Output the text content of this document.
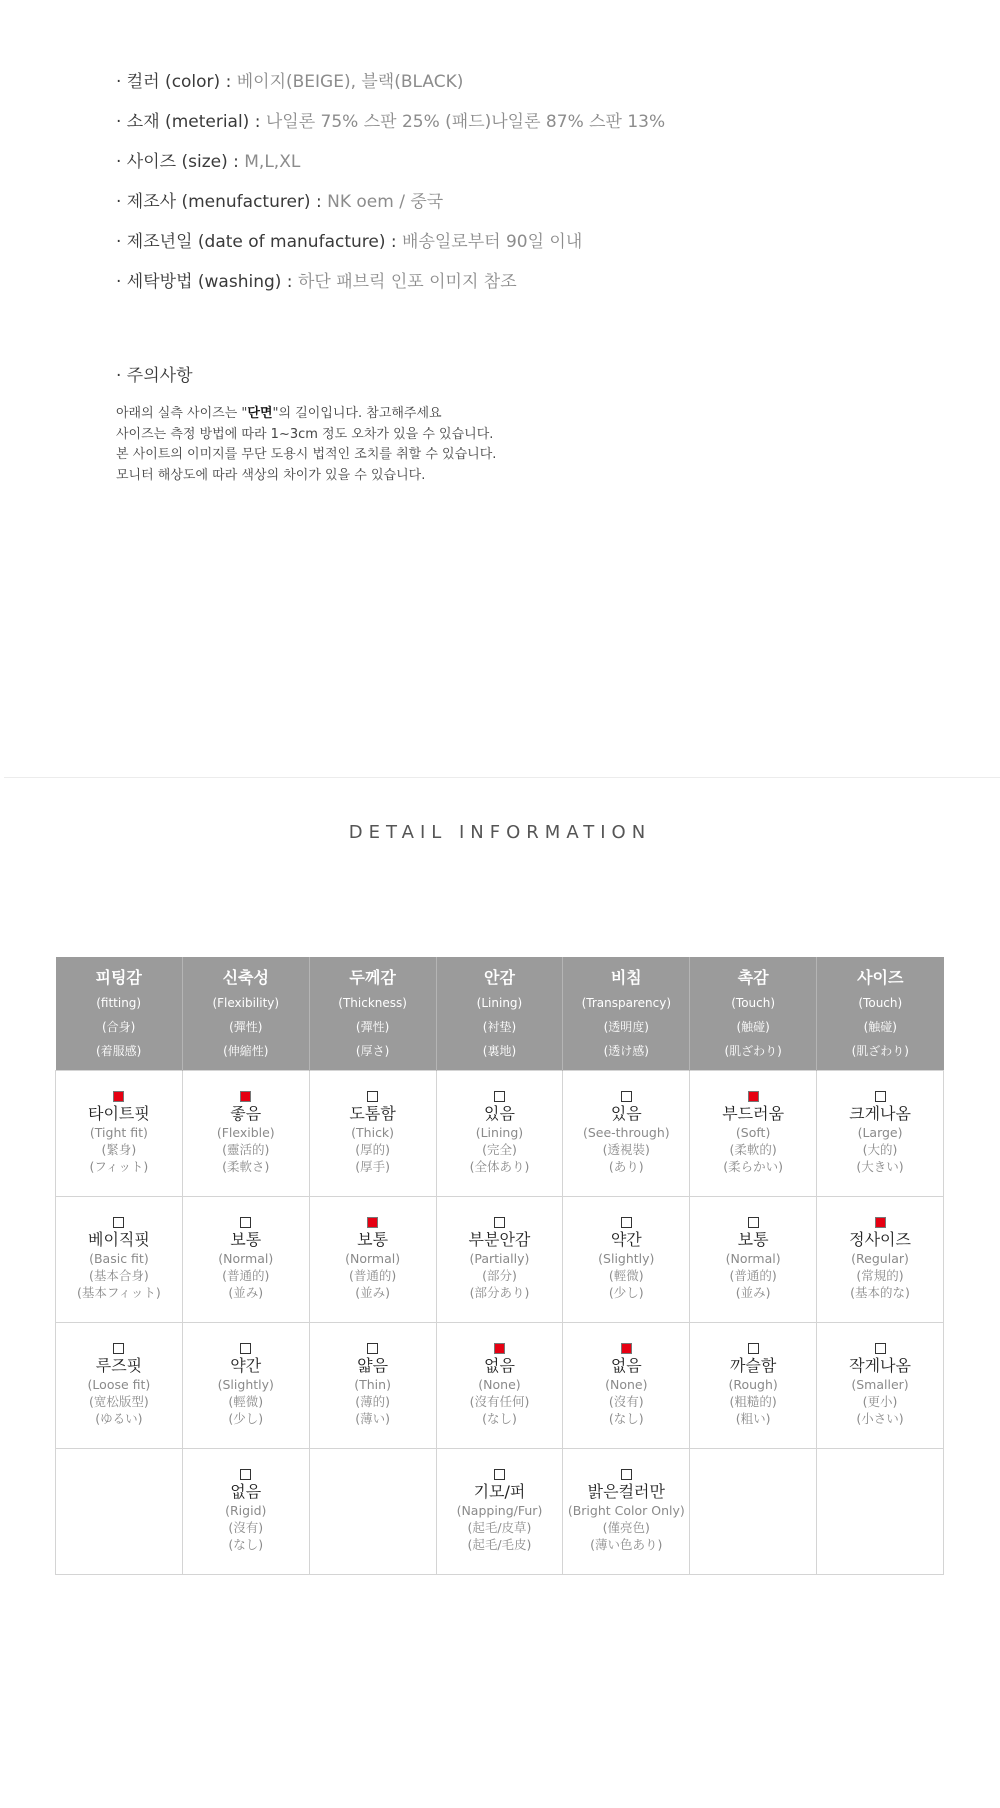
· 컬러 (color) : 베이지(BEIGE), 블랙(BLACK)
· 소재 (meterial) : 나일론 75% 스판 25% (패드)나일론 87% 스판 13%
· 사이즈 (size) : M,L,XL
· 제조사 (menufacturer) : NK oem / 중국
· 제조년일 (date of manufacture) : 배송일로부터 90일 이내
· 세탁방법 (washing) : 하단 패브릭 인포 이미지 참조
· 주의사항
아래의 실측 사이즈는 "단면"의 길이입니다. 참고해주세요
사이즈는 측정 방법에 따라 1~3cm 정도 오차가 있을 수 있습니다.
본 사이트의 이미지를 무단 도용시 법적인 조치를 취할 수 있습니다.
모니터 해상도에 따라 색상의 차이가 있을 수 있습니다.
DETAIL INFORMATION
피팅감
(fitting)
(合身)
(着服感)	신축성
(Flexibility)
(彈性)
(伸縮性)	두께감
(Thickness)
(彈性)
(厚さ)	안감
(Lining)
(衬垫)
(裏地)	비침
(Transparency)
(透明度)
(透け感)	촉감
(Touch)
(触碰)
(肌ざわり)	사이즈
(Touch)
(触碰)
(肌ざわり)

타이트핏
(Tight fit)
(緊身)
(フィット)	좋음
(Flexible)
(靈活的)
(柔軟さ)	도톰함
(Thick)
(厚的)
(厚手)	있음
(Lining)
(完全)
(全体あり)	있음
(See-through)
(透視裝)
(あり)	부드러움
(Soft)
(柔軟的)
(柔らかい)	크게나옴
(Large)
(大的)
(大きい)

베이직핏
(Basic fit)
(基本合身)
(基本フィット)	보통
(Normal)
(普通的)
(並み)	보통
(Normal)
(普通的)
(並み)	부분안감
(Partially)
(部分)
(部分あり)	약간
(Slightly)
(輕微)
(少し)	보통
(Normal)
(普通的)
(並み)	정사이즈
(Regular)
(常規的)
(基本的な)

루즈핏
(Loose fit)
(宽松版型)
(ゆるい)	약간
(Slightly)
(輕微)
(少し)	얇음
(Thin)
(薄的)
(薄い)	없음
(None)
(沒有任何)
(なし)	없음
(None)
(沒有)
(なし)	까슬함
(Rough)
(粗糙的)
(粗い)	작게나옴
(Smaller)
(更小)
(小さい)

	없음
(Rigid)
(沒有)
(なし)		기모/퍼
(Napping/Fur)
(起毛/皮草)
(起毛/毛皮)	밝은컬러만
(Bright Color Only)
(僅亮色)
(薄い色あり)		
